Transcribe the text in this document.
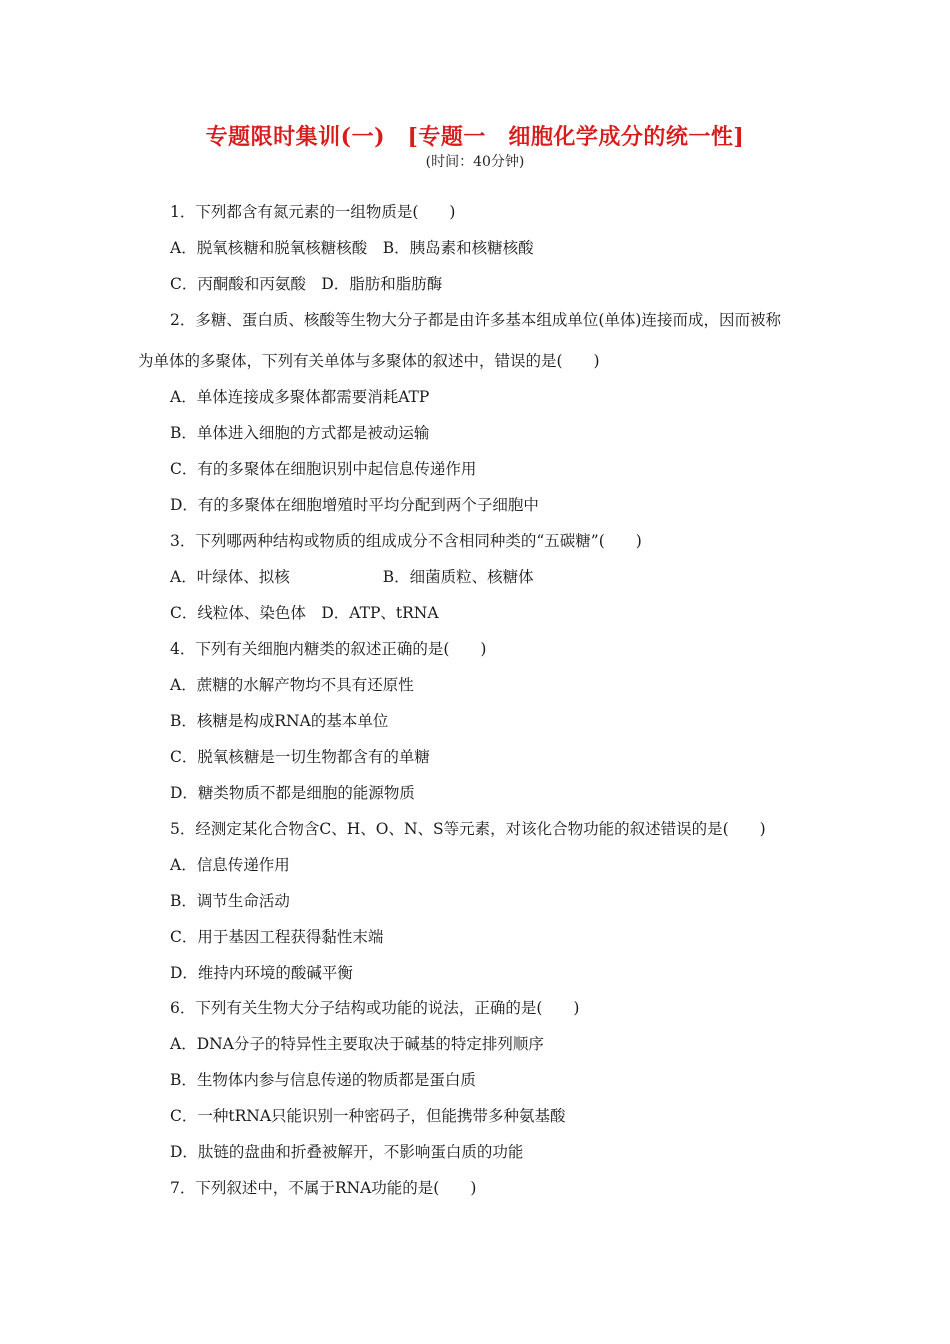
专题限时集训(一)　[专题一　细胞化学成分的统一性]
(时间：40分钟)
1．下列都含有氮元素的一组物质是(　　)
A．脱氧核糖和脱氧核糖核酸　B．胰岛素和核糖核酸
C．丙酮酸和丙氨酸　D．脂肪和脂肪酶
2．多糖、蛋白质、核酸等生物大分子都是由许多基本组成单位(单体)连接而成，因而被称
为单体的多聚体，下列有关单体与多聚体的叙述中，错误的是(　　)
A．单体连接成多聚体都需要消耗ATP
B．单体进入细胞的方式都是被动运输
C．有的多聚体在细胞识别中起信息传递作用
D．有的多聚体在细胞增殖时平均分配到两个子细胞中
3．下列哪两种结构或物质的组成成分不含相同种类的“五碳糖”(　　)
A．叶绿体、拟核　　　　　　B．细菌质粒、核糖体
C．线粒体、染色体　D．ATP、tRNA
4．下列有关细胞内糖类的叙述正确的是(　　)
A．蔗糖的水解产物均不具有还原性
B．核糖是构成RNA的基本单位
C．脱氧核糖是一切生物都含有的单糖
D．糖类物质不都是细胞的能源物质
5．经测定某化合物含C、H、O、N、S等元素，对该化合物功能的叙述错误的是(　　)
A．信息传递作用
B．调节生命活动
C．用于基因工程获得黏性末端
D．维持内环境的酸碱平衡
6．下列有关生物大分子结构或功能的说法，正确的是(　　)
A．DNA分子的特异性主要取决于碱基的特定排列顺序
B．生物体内参与信息传递的物质都是蛋白质
C．一种tRNA只能识别一种密码子，但能携带多种氨基酸
D．肽链的盘曲和折叠被解开，不影响蛋白质的功能
7．下列叙述中，不属于RNA功能的是(　　)
